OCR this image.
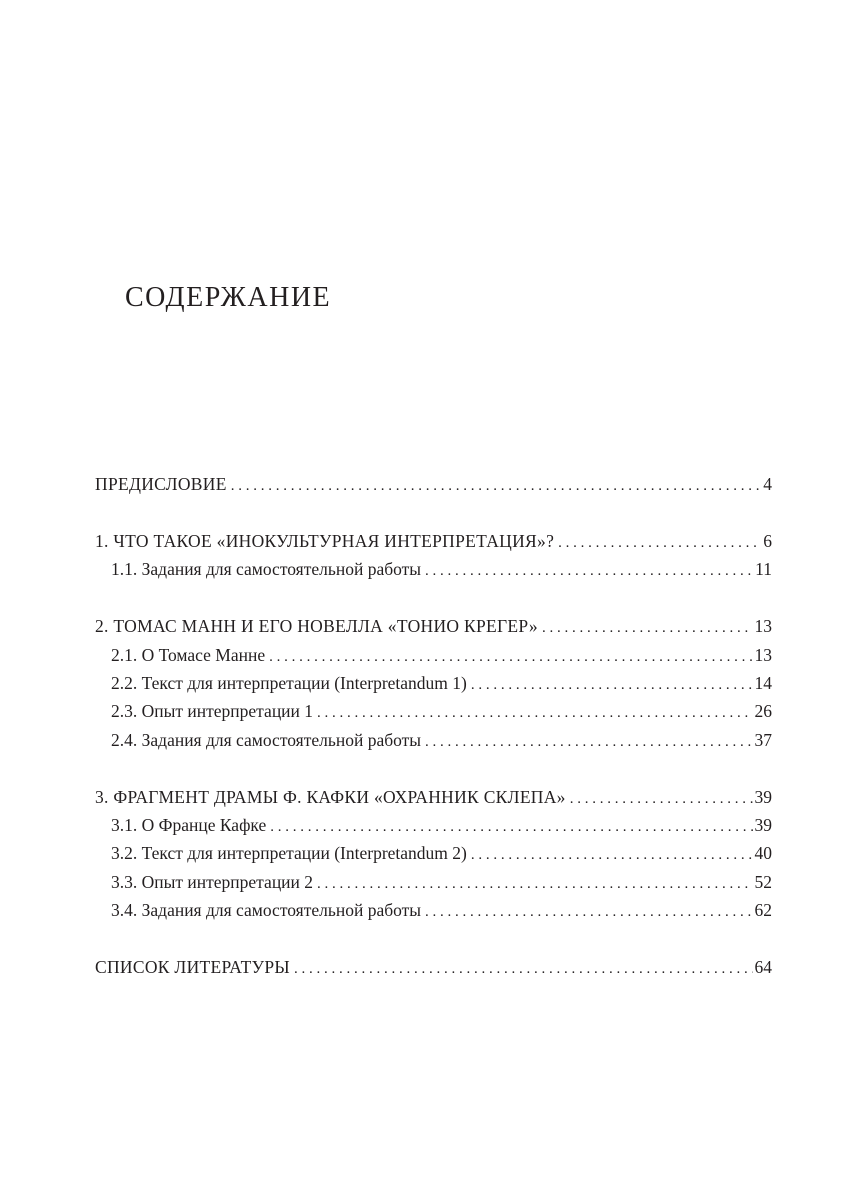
СОДЕРЖАНИЕ
ПРЕДИСЛОВИЕ . . .	4
1. ЧТО ТАКОЕ «ИНОКУЛЬТУРНАЯ ИНТЕРПРЕТАЦИЯ»? . . .	6
1.1. Задания для самостоятельной работы . . .	11
2. ТОМАС МАНН И ЕГО НОВЕЛЛА «ТОНИО КРЕГЕР» . . .	13
2.1. О Томасе Манне . . .	13
2.2. Текст для интерпретации (Interpretandum 1) . . .	14
2.3. Опыт интерпретации 1 . . .	26
2.4. Задания для самостоятельной работы . . .	37
3. ФРАГМЕНТ ДРАМЫ Ф. КАФКИ «ОХРАННИК СКЛЕПА» . . .	39
3.1. О Франце Кафке . . .	39
3.2. Текст для интерпретации (Interpretandum 2) . . .	40
3.3. Опыт интерпретации 2 . . .	52
3.4. Задания для самостоятельной работы . . .	62
СПИСОК ЛИТЕРАТУРЫ . . .	64
